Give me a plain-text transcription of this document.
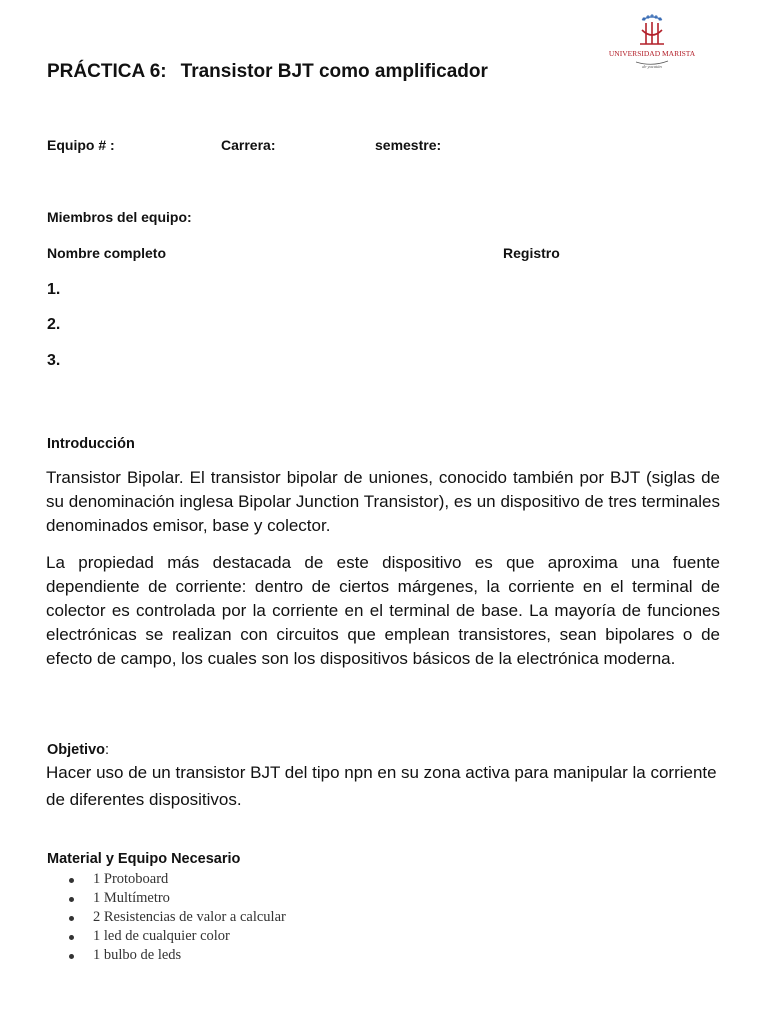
UNIVERSIDAD MARISTA
de yucatán
PRÁCTICA 6: Transistor BJT como amplificador
Equipo # :	Carrera:	semestre:
Miembros del equipo:
Nombre completo	Registro
1.
2.
3.
Introducción

Transistor Bipolar. El transistor bipolar de uniones, conocido también por BJT (siglas de su denominación inglesa Bipolar Junction Transistor), es un dispositivo de tres terminales denominados emisor, base y colector.

La propiedad más destacada de este dispositivo es que aproxima una fuente dependiente de corriente: dentro de ciertos márgenes, la corriente en el terminal de colector es controlada por la corriente en el terminal de base. La mayoría de funciones electrónicas se realizan con circuitos que emplean transistores, sean bipolares o de efecto de campo, los cuales son los dispositivos básicos de la electrónica moderna.

Objetivo:

Hacer uso de un transistor BJT del tipo npn en su zona activa para manipular la corriente de diferentes dispositivos.

Material y Equipo Necesario
1 Protoboard
1 Multímetro
2 Resistencias de valor a calcular
1 led de cualquier color
1 bulbo de leds
